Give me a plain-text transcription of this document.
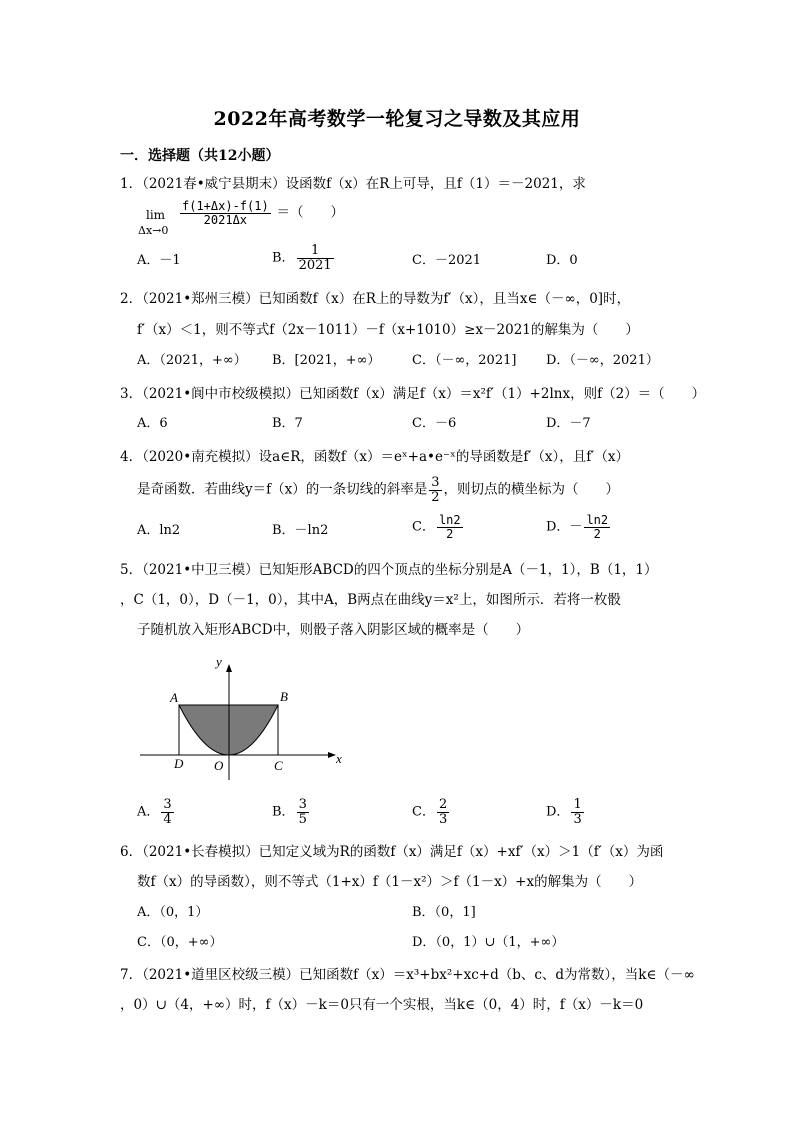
2022年高考数学一轮复习之导数及其应用
一．选择题（共12小题）
1．（2021春•威宁县期末）设函数f（x）在R上可导，且f（1）＝－2021，求
lim
Δx→0
$\frac{f(1+\Delta x)-f(1)}{2021\Delta x}$ ＝（　　）
A．－1	B． $\frac{1}{2021}$	C．－2021	D．0
2．（2021•郑州三模）已知函数f（x）在R上的导数为f′（x），且当x∈（－∞，0]时，
f′（x）＜1，则不等式f（2x－1011）－f（x+1010）≥x－2021的解集为（　　）
A．（2021，+∞） B．[2021，+∞） C．（－∞，2021] D．（－∞，2021）
3．（2021•阆中市校级模拟）已知函数f（x）满足f（x）＝x²f′（1）+2lnx，则f（2）＝（　　）
A．6	B．7	C．－6	D．－7
4．（2020•南充模拟）设a∈R，函数f（x）＝eˣ+a•e⁻ˣ的导函数是f′（x），且f′（x）
是奇函数．若曲线y＝f（x）的一条切线的斜率是 $\frac{3}{2}$ ，则切点的横坐标为（　　）
A．ln2	B．－ln2	C． $\frac{\ln 2}{2}$	D．－ $\frac{\ln 2}{2}$
5．（2021•中卫三模）已知矩形ABCD的四个顶点的坐标分别是A（－1，1），B（1，1）
，C（1，0），D（－1，0），其中A，B两点在曲线y＝x²上，如图所示．若将一枚骰
子随机放入矩形ABCD中，则骰子落入阴影区域的概率是（　　）
y
x
A	B
D O	C
A． $\frac{3}{4}$	B． $\frac{3}{5}$	C． $\frac{2}{3}$	D． $\frac{1}{3}$
6．（2021•长春模拟）已知定义域为R的函数f（x）满足f（x）+xf′（x）＞1（f′（x）为函
数f（x）的导函数），则不等式（1+x）f（1－x²）＞f（1－x）+x的解集为（　　）
A．（0，1）	B．（0，1]
C．（0，+∞）	D．（0，1）∪（1，+∞）
7．（2021•道里区校级三模）已知函数f（x）＝x³+bx²+xc+d（b、c、d为常数），当k∈（－∞
，0）∪（4，+∞）时，f（x）－k＝0只有一个实根，当k∈（0，4）时，f（x）－k＝0
